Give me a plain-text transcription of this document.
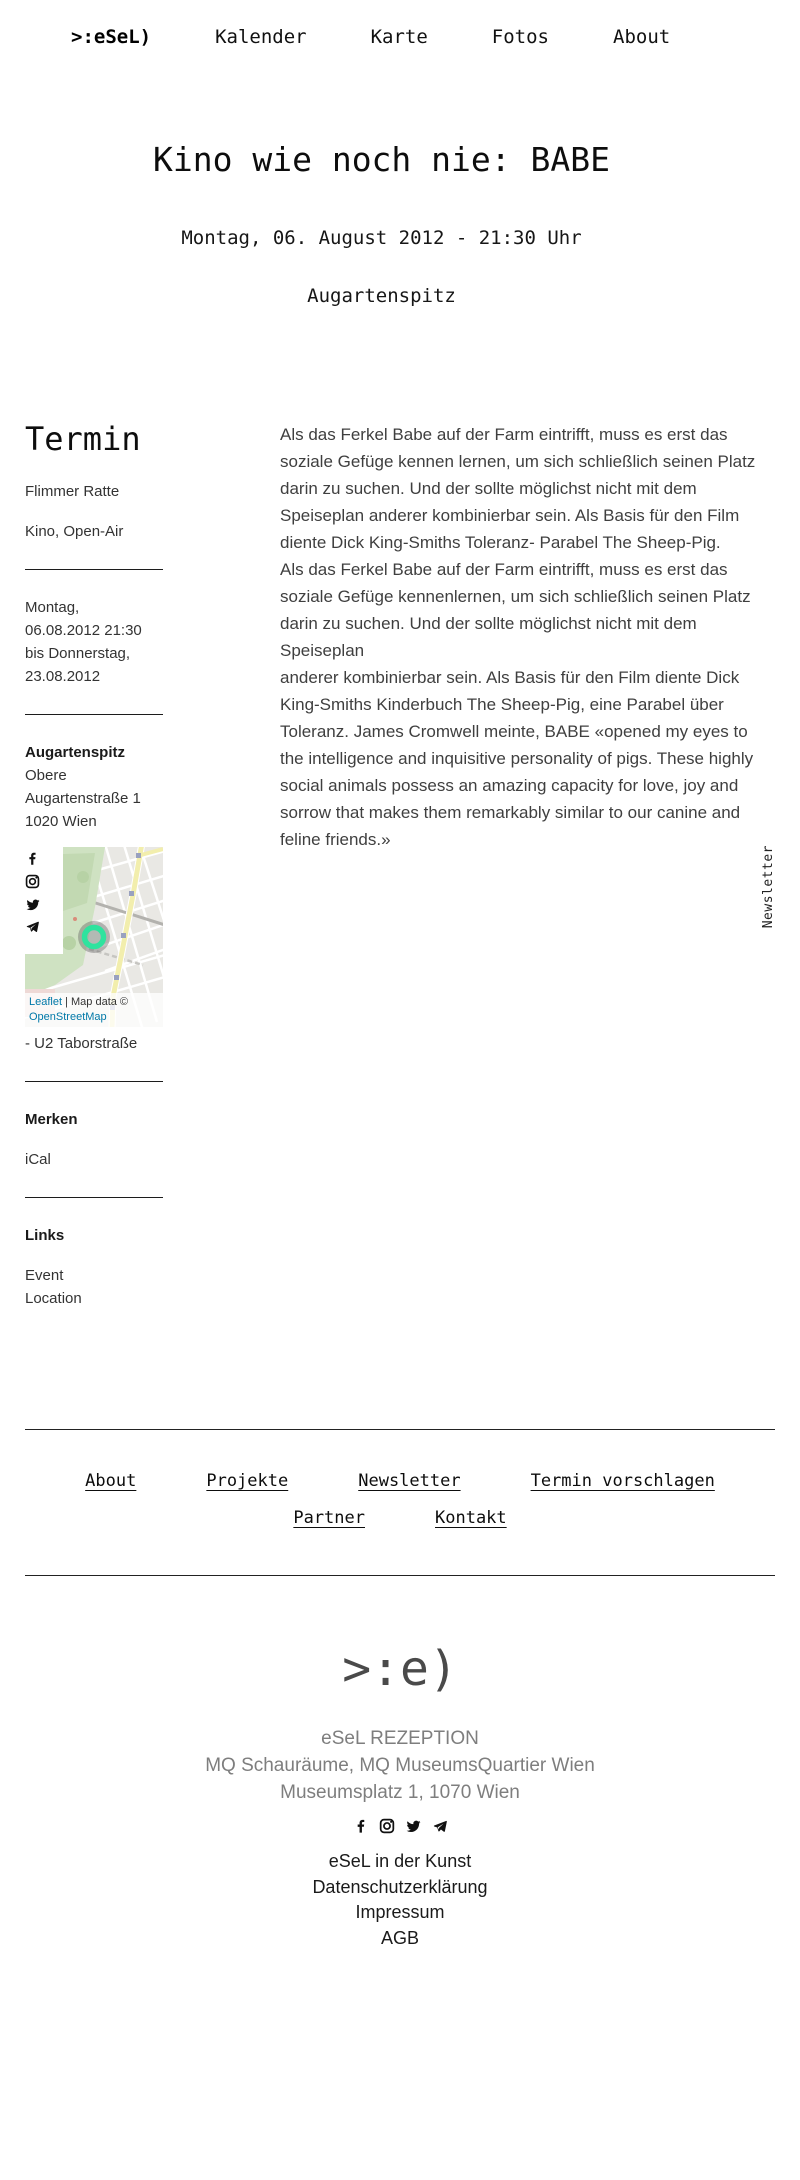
>:eSeL)	Kalender	Karte	Fotos	About
Kino wie noch nie: BABE
Montag, 06. August 2012 - 21:30 Uhr
Augartenspitz
Termin

Flimmer Ratte

Kino, Open-Air

Montag,
06.08.2012 21:30
bis Donnerstag,
23.08.2012

Augartenspitz
Obere
Augartenstraße 1
1020 Wien

Leaflet | Map data © OpenStreetMap

- U2 Taborstraße

Merken

iCal

Links

Event
Location

Als das Ferkel Babe auf der Farm eintrifft, muss es erst das soziale Gefüge kennen lernen, um sich schließlich seinen Platz darin zu suchen. Und der sollte möglichst nicht mit dem Speiseplan anderer kombinierbar sein. Als Basis für den Film diente Dick King-Smiths Toleranz- Parabel The Sheep-Pig.

Als das Ferkel Babe auf der Farm eintrifft, muss es erst das soziale Gefüge kennenlernen, um sich schließlich seinen Platz darin zu suchen. Und der sollte möglichst nicht mit dem Speiseplan

anderer kombinierbar sein. Als Basis für den Film diente Dick King-Smiths Kinderbuch The Sheep-Pig, eine Parabel über Toleranz. James Cromwell meinte, BABE «opened my eyes to the intelligence and inquisitive personality of pigs. These highly social animals possess an amazing capacity for love, joy and sorrow that makes them remarkably similar to our canine and feline friends.»

Newsletter
About	Projekte	Newsletter	Termin vorschlagen
Partner	Kontakt
>:e)
eSeL REZEPTION
MQ Schauräume, MQ MuseumsQuartier Wien
Museumsplatz 1, 1070 Wien
eSeL in der Kunst
Datenschutzerklärung
Impressum
AGB
